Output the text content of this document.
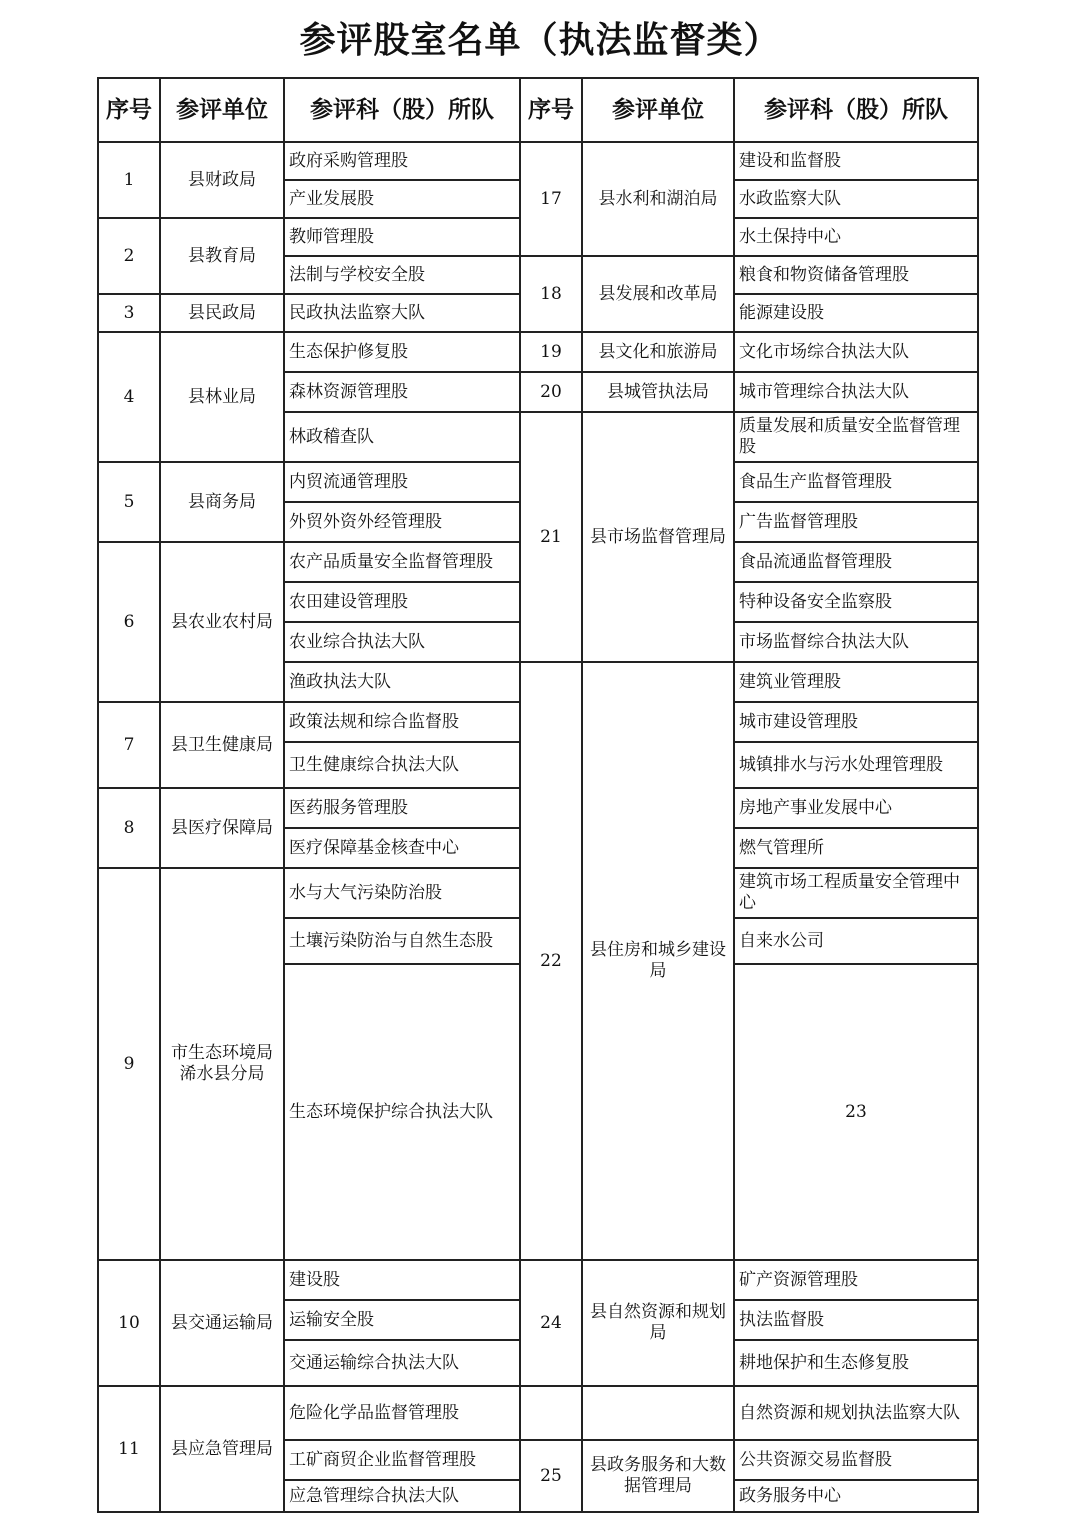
参评股室名单（执法监督类）
序号	参评单位	参评科（股）所队	序号	参评单位	参评科（股）所队	
1	县财政局	政府采购管理股	17	县水利和湖泊局	建设和监督股	
		产业发展股			水政监察大队	
2	县教育局	教师管理股			水土保持中心	
		法制与学校安全股	18	县发展和改革局	粮食和物资储备管理股	
3	县民政局	民政执法监察大队			能源建设股	
4	县林业局	生态保护修复股	19	县文化和旅游局	文化市场综合执法大队	
		森林资源管理股	20	县城管执法局	城市管理综合执法大队	
		林政稽查队	21	县市场监督管理局	质量发展和质量安全监督管理股	
5	县商务局	内贸流通管理股			食品生产监督管理股	
		外贸外资外经管理股			广告监督管理股	
6	县农业农村局	农产品质量安全监督管理股			食品流通监督管理股	
		农田建设管理股			特种设备安全监察股	
		农业综合执法大队			市场监督综合执法大队	
		渔政执法大队	22	县住房和城乡建设局	建筑业管理股	
7	县卫生健康局	政策法规和综合监督股			城市建设管理股	
		卫生健康综合执法大队			城镇排水与污水处理管理股	
8	县医疗保障局	医药服务管理股			房地产事业发展中心	
		医疗保障基金核查中心			燃气管理所	
9	市生态环境局浠水县分局	水与大气污染防治股			建筑市场工程质量安全管理中心	
		土壤污染防治与自然生态股			自来水公司	
		生态环境保护综合执法大队			23		
10	县交通运输局	建设股	24	县自然资源和规划局	矿产资源管理股	
		运输安全股			执法监督股	
		交通运输综合执法大队			耕地保护和生态修复股	
11	县应急管理局	危险化学品监督管理股			自然资源和规划执法监察大队	
		工矿商贸企业监督管理股	25	县政务服务和大数据管理局	公共资源交易监督股	
		应急管理综合执法大队			政务服务中心	
